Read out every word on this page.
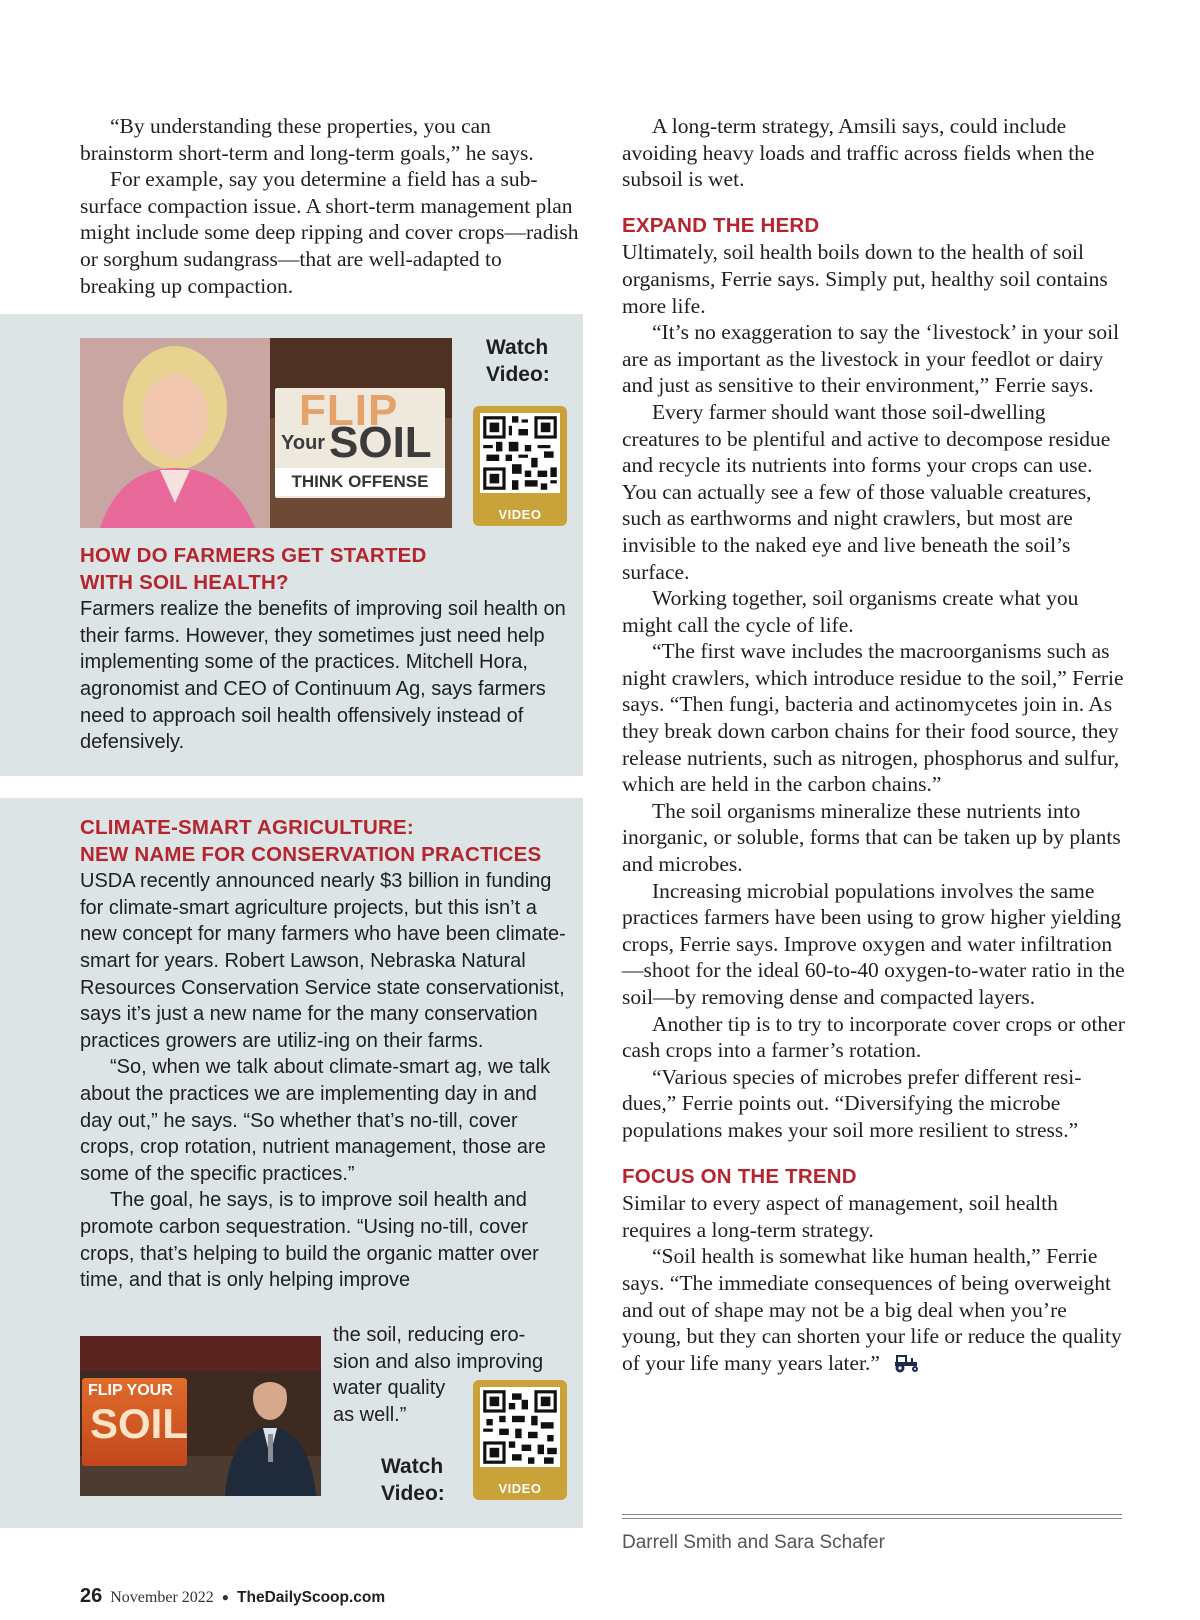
“By understanding these properties, you can brainstorm short-term and long-term goals,” he says.

For example, say you determine a field has a sub-surface compaction issue. A short-term management plan might include some deep ripping and cover crops—radish or sorghum sudangrass—that are well-adapted to breaking up compaction.

FLIP
Your SOIL
THINK OFFENSE
Watch
Video:
VIDEO
HOW DO FARMERS GET STARTED
WITH SOIL HEALTH?

Farmers realize the benefits of improving soil health on their farms. However, they sometimes just need help implementing some of the practices. Mitchell Hora, agronomist and CEO of Continuum Ag, says farmers need to approach soil health offensively instead of defensively.

CLIMATE-SMART AGRICULTURE:
NEW NAME FOR CONSERVATION PRACTICES

USDA recently announced nearly $3 billion in funding for climate-smart agriculture projects, but this isn’t a new concept for many farmers who have been climate-smart for years. Robert Lawson, Nebraska Natural Resources Conservation Service state conservationist, says it’s just a new name for the many conservation practices growers are utiliz-ing on their farms.

“So, when we talk about climate-smart ag, we talk about the practices we are implementing day in and day out,” he says. “So whether that’s no-till, cover crops, crop rotation, nutrient management, those are some of the specific practices.”

The goal, he says, is to improve soil health and promote carbon sequestration. “Using no-till, cover crops, that’s helping to build the organic matter over time, and that is only helping improve

the soil, reducing ero-
sion and also improving
water quality
as well.”
FLIP YOUR
SOIL
VIDEO
Watch
Video:

A long-term strategy, Amsili says, could include avoiding heavy loads and traffic across fields when the subsoil is wet.

EXPAND THE HERD

Ultimately, soil health boils down to the health of soil organisms, Ferrie says. Simply put, healthy soil contains more life.

“It’s no exaggeration to say the ‘livestock’ in your soil are as important as the livestock in your feedlot or dairy and just as sensitive to their environment,” Ferrie says.

Every farmer should want those soil-dwelling creatures to be plentiful and active to decompose residue and recycle its nutrients into forms your crops can use. You can actually see a few of those valuable creatures, such as earthworms and night crawlers, but most are invisible to the naked eye and live beneath the soil’s surface.

Working together, soil organisms create what you might call the cycle of life.

“The first wave includes the macroorganisms such as night crawlers, which introduce residue to the soil,” Ferrie says. “Then fungi, bacteria and actinomycetes join in. As they break down carbon chains for their food source, they release nutrients, such as nitrogen, phosphorus and sulfur, which are held in the carbon chains.”

The soil organisms mineralize these nutrients into inorganic, or soluble, forms that can be taken up by plants and microbes.

Increasing microbial populations involves the same practices farmers have been using to grow higher yielding crops, Ferrie says. Improve oxygen and water infiltration—shoot for the ideal 60-to-40 oxygen-to-water ratio in the soil—by removing dense and compacted layers.

Another tip is to try to incorporate cover crops or other cash crops into a farmer’s rotation.

“Various species of microbes prefer different resi-dues,” Ferrie points out. “Diversifying the microbe populations makes your soil more resilient to stress.”

FOCUS ON THE TREND

Similar to every aspect of management, soil health requires a long-term strategy.

“Soil health is somewhat like human health,” Ferrie says. “The immediate consequences of being overweight and out of shape may not be a big deal when you’re young, but they can shorten your life or reduce the quality of your life many years later.”

Darrell Smith and Sara Schafer
26 November 2022 ● TheDailyScoop.com
